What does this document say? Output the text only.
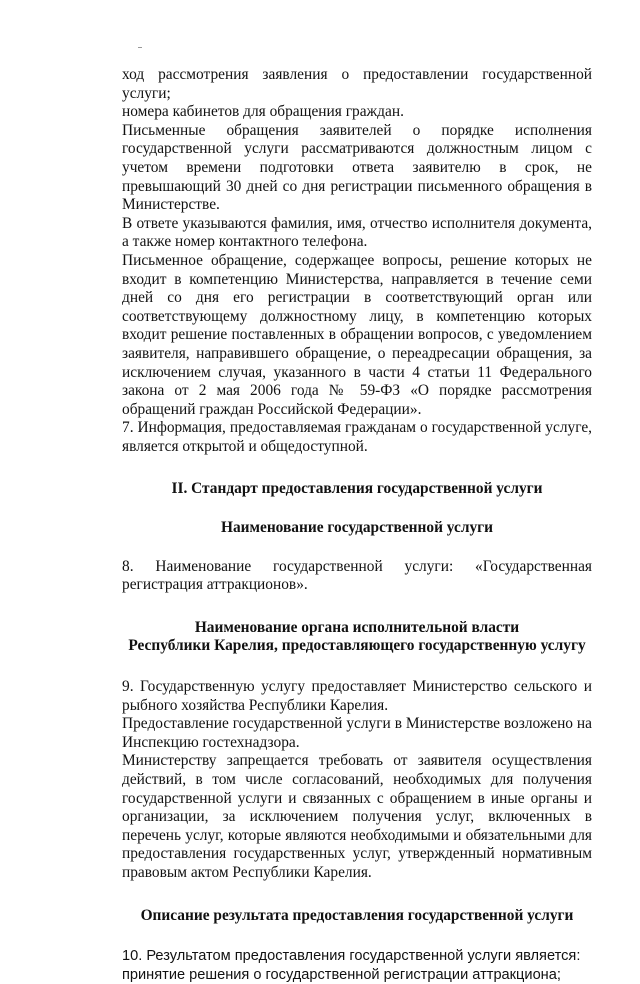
ход рассмотрения заявления о предоставлении государственной услуги;

номера кабинетов для обращения граждан.

Письменные обращения заявителей о порядке исполнения государственной услуги рассматриваются должностным лицом с учетом времени подготовки ответа заявителю в срок, не превышающий 30 дней со дня регистрации письменного обращения в Министерстве.

В ответе указываются фамилия, имя, отчество исполнителя документа, а также номер контактного телефона.

Письменное обращение, содержащее вопросы, решение которых не входит в компетенцию Министерства, направляется в течение семи дней со дня его регистрации в соответствующий орган или соответствующему должностному лицу, в компетенцию которых входит решение поставленных в обращении вопросов, с уведомлением заявителя, направившего обращение, о переадресации обращения, за исключением случая, указанного в части 4 статьи 11 Федерального закона от 2 мая 2006 года № 59-ФЗ «О порядке рассмотрения обращений граждан Российской Федерации».

7. Информация, предоставляемая гражданам о государственной услуге, является открытой и общедоступной.

II. Стандарт предоставления государственной услуги
Наименование государственной услуги

8. Наименование государственной услуги: «Государственная регистрация аттракционов».

Наименование органа исполнительной власти
Республики Карелия, предоставляющего государственную услугу

9. Государственную услугу предоставляет Министерство сельского и рыбного хозяйства Республики Карелия.

Предоставление государственной услуги в Министерстве возложено на Инспекцию гостехнадзора.

Министерству запрещается требовать от заявителя осуществления действий, в том числе согласований, необходимых для получения государственной услуги и связанных с обращением в иные органы и организации, за исключением получения услуг, включенных в перечень услуг, которые являются необходимыми и обязательными для предоставления государственных услуг, утвержденный нормативным правовым актом Республики Карелия.

Описание результата предоставления государственной услуги

10. Результатом предоставления государственной услуги является:

принятие решения о государственной регистрации аттракциона;
